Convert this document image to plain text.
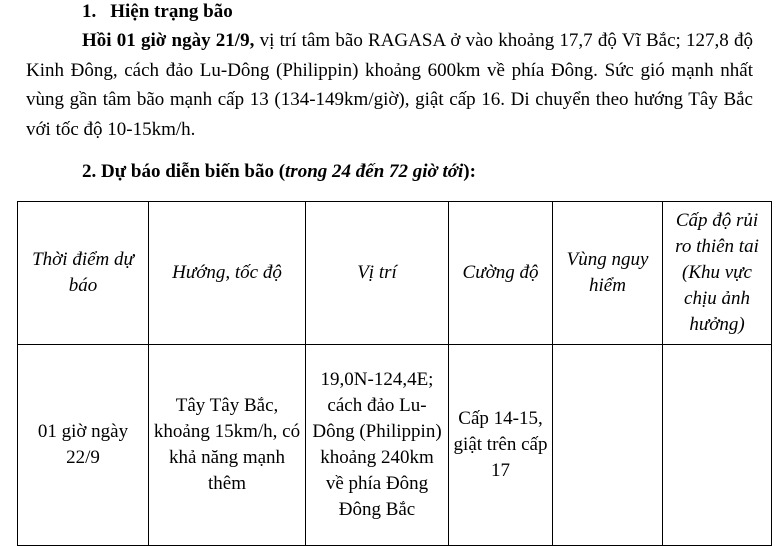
1. Hiện trạng bão
Hồi 01 giờ ngày 21/9, vị trí tâm bão RAGASA ở vào khoảng 17,7 độ Vĩ Bắc; 127,8 độ Kinh Đông, cách đảo Lu-Dông (Philippin) khoảng 600km về phía Đông. Sức gió mạnh nhất vùng gần tâm bão mạnh cấp 13 (134-149km/giờ), giật cấp 16. Di chuyển theo hướng Tây Bắc với tốc độ 10-15km/h.
2. Dự báo diễn biến bão (trong 24 đến 72 giờ tới):
Thời điểm dự báo	Hướng, tốc độ	Vị trí	Cường độ	Vùng nguy hiểm	Cấp độ rủi ro thiên tai (Khu vực chịu ảnh hưởng)
01 giờ ngày 22/9	Tây Tây Bắc, khoảng 15km/h, có khả năng mạnh thêm	19,0N-124,4E; cách đảo Lu-Dông (Philippin) khoảng 240km về phía Đông Đông Bắc	Cấp 14-15, giật trên cấp 17		
